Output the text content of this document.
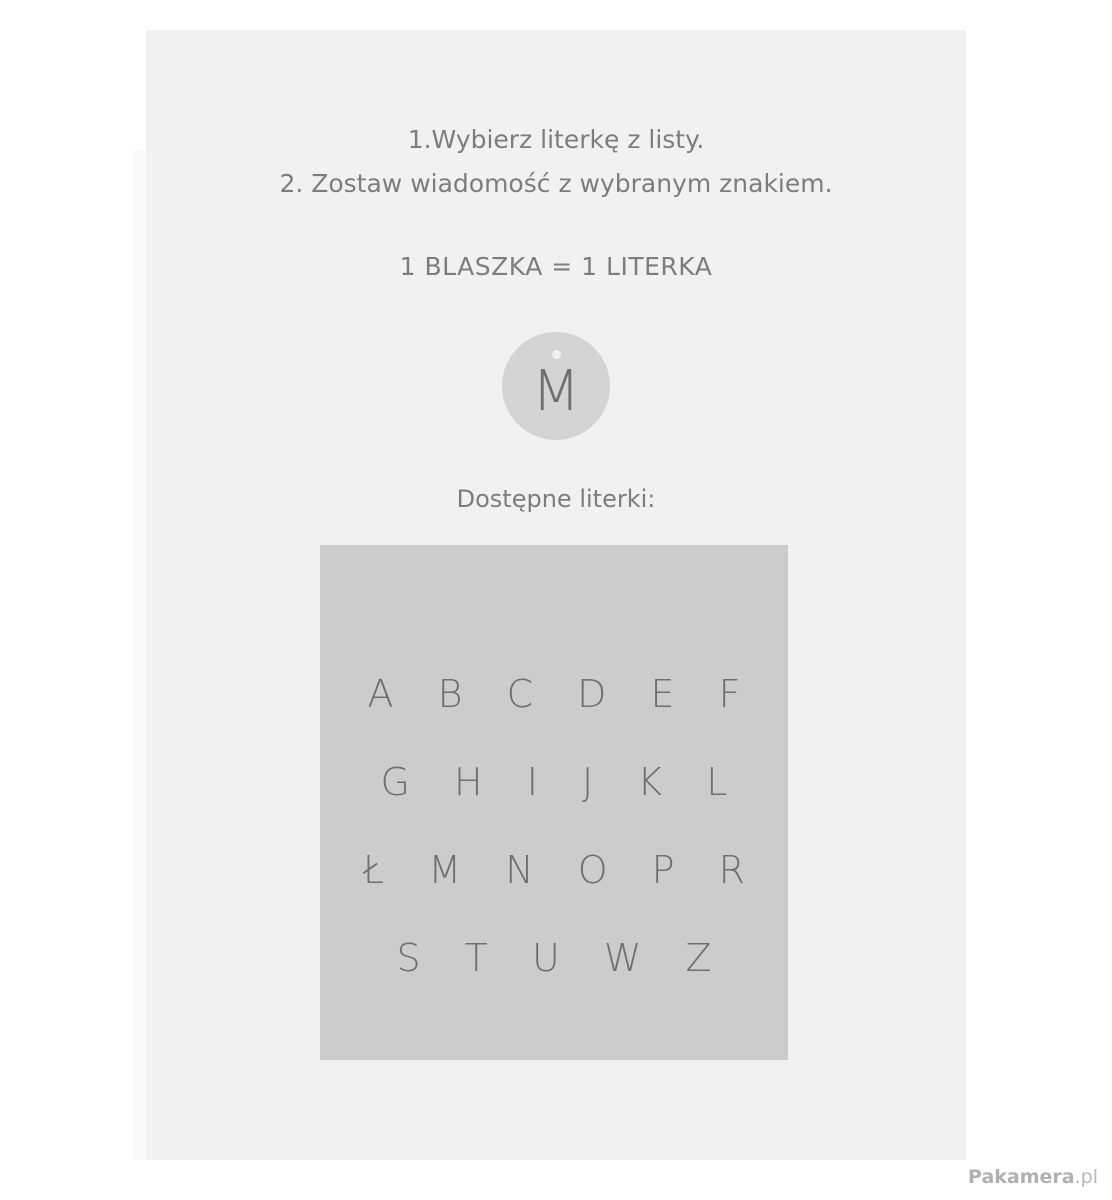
1.Wybierz literkę z listy.
2. Zostaw wiadomość z wybranym znakiem.
1 BLASZKA = 1 LITERKA
M
Dostępne literki:
A B C D E F
G H I J K L
Ł M N O P R
S T U W Z
Pakamera.pl
